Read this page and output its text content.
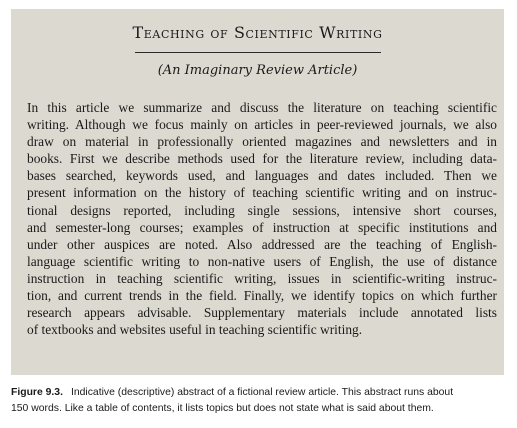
Teaching of Scientific Writing
(An Imaginary Review Article)
In this article we summarize and discuss the literature on teaching scientific
writing. Although we focus mainly on articles in peer-reviewed journals, we also
draw on material in professionally oriented magazines and newsletters and in
books. First we describe methods used for the literature review, including data-
bases searched, keywords used, and languages and dates included. Then we
present information on the history of teaching scientific writing and on instruc-
tional designs reported, including single sessions, intensive short courses,
and semester-long courses; examples of instruction at specific institutions and
under other auspices are noted. Also addressed are the teaching of English-
language scientific writing to non-native users of English, the use of distance
instruction in teaching scientific writing, issues in scientific-writing instruc-
tion, and current trends in the field. Finally, we identify topics on which further
research appears advisable. Supplementary materials include annotated lists
of textbooks and websites useful in teaching scientific writing.
Figure 9.3. Indicative (descriptive) abstract of a fictional review article. This abstract runs about
150 words. Like a table of contents, it lists topics but does not state what is said about them.
